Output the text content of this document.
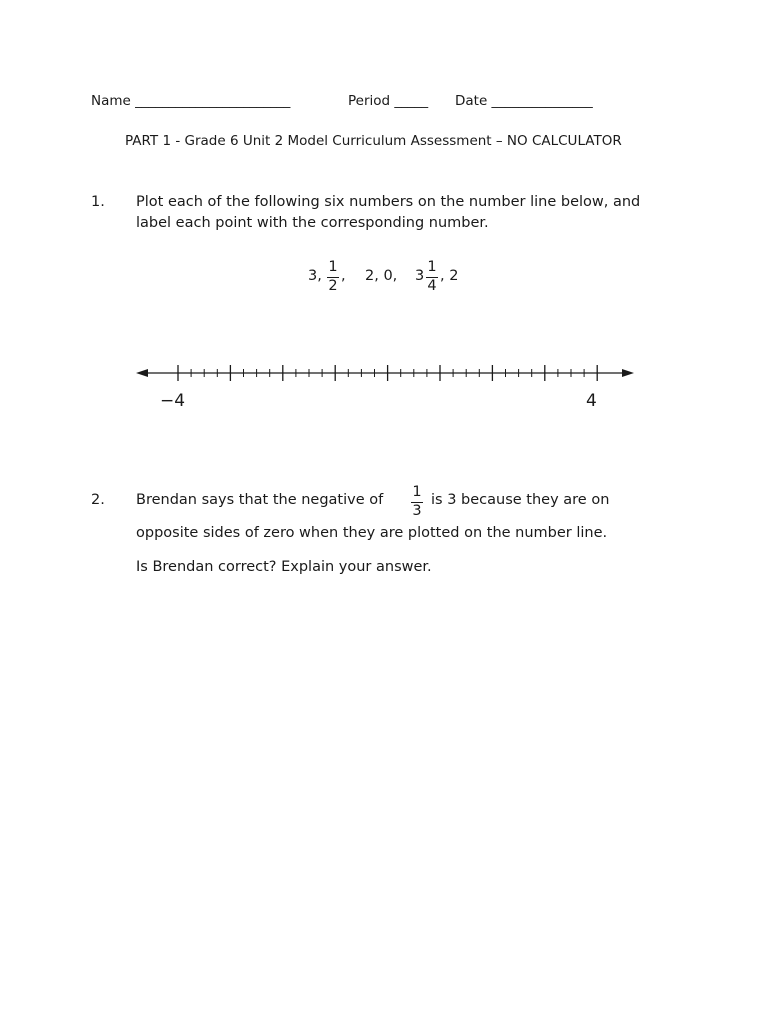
Name _______________________	Period _____ Date _______________
PART 1 - Grade 6 Unit 2 Model Curriculum Assessment – NO CALCULATOR
1. Plot each of the following six numbers on the number line below, and
label each point with the corresponding number.
3,
1
2
, 2, 0, 3
1
4
, 2
−4	4
2. Brendan says that the negative of 1
3
is 3 because they are on
opposite sides of zero when they are plotted on the number line.
Is Brendan correct? Explain your answer.
